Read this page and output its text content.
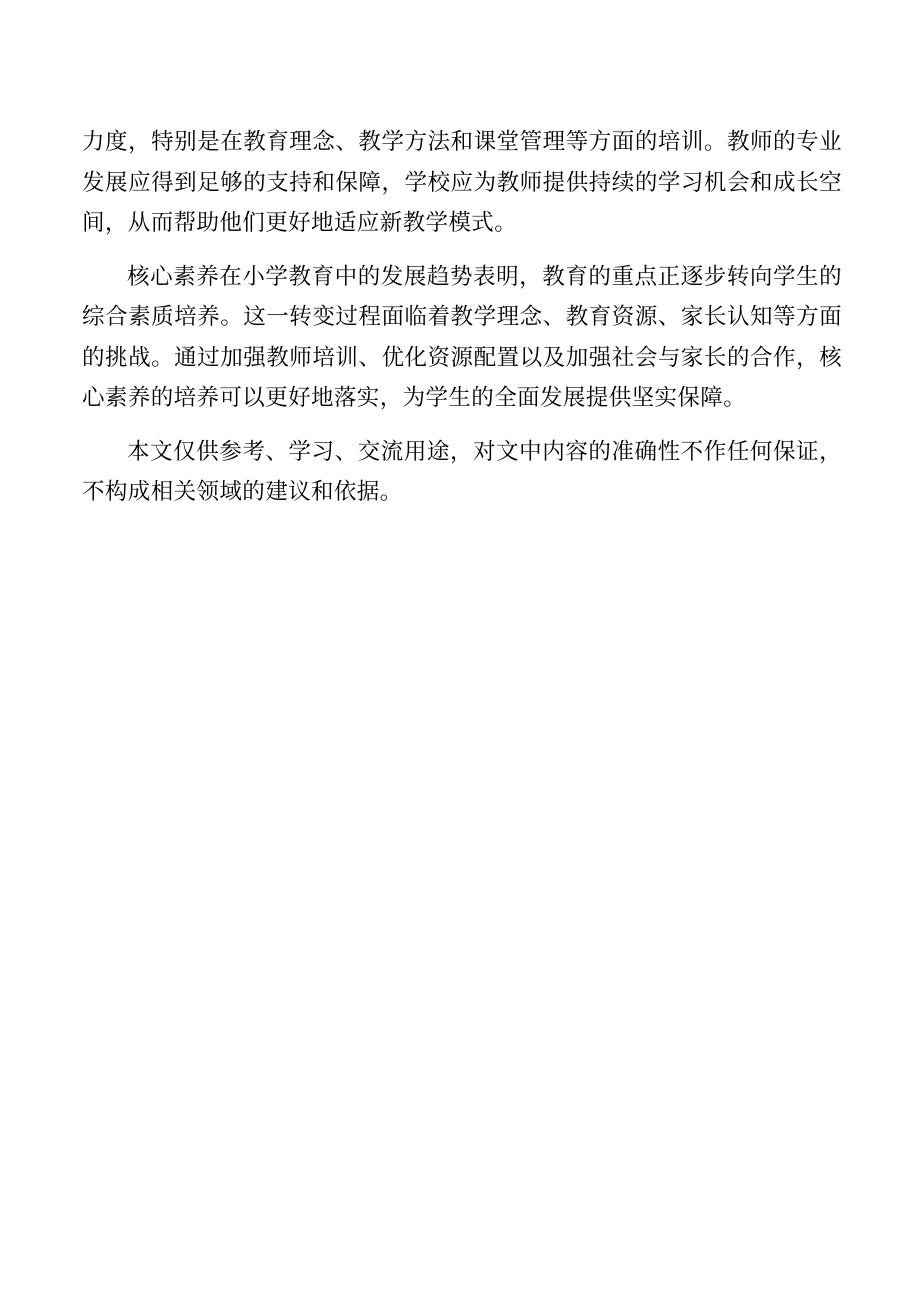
力度，特别是在教育理念、教学方法和课堂管理等方面的培训。教师的专业发展应得到足够的支持和保障，学校应为教师提供持续的学习机会和成长空间，从而帮助他们更好地适应新教学模式。

核心素养在小学教育中的发展趋势表明，教育的重点正逐步转向学生的综合素质培养。这一转变过程面临着教学理念、教育资源、家长认知等方面的挑战。通过加强教师培训、优化资源配置以及加强社会与家长的合作，核心素养的培养可以更好地落实，为学生的全面发展提供坚实保障。

本文仅供参考、学习、交流用途，对文中内容的准确性不作任何保证，不构成相关领域的建议和依据。
